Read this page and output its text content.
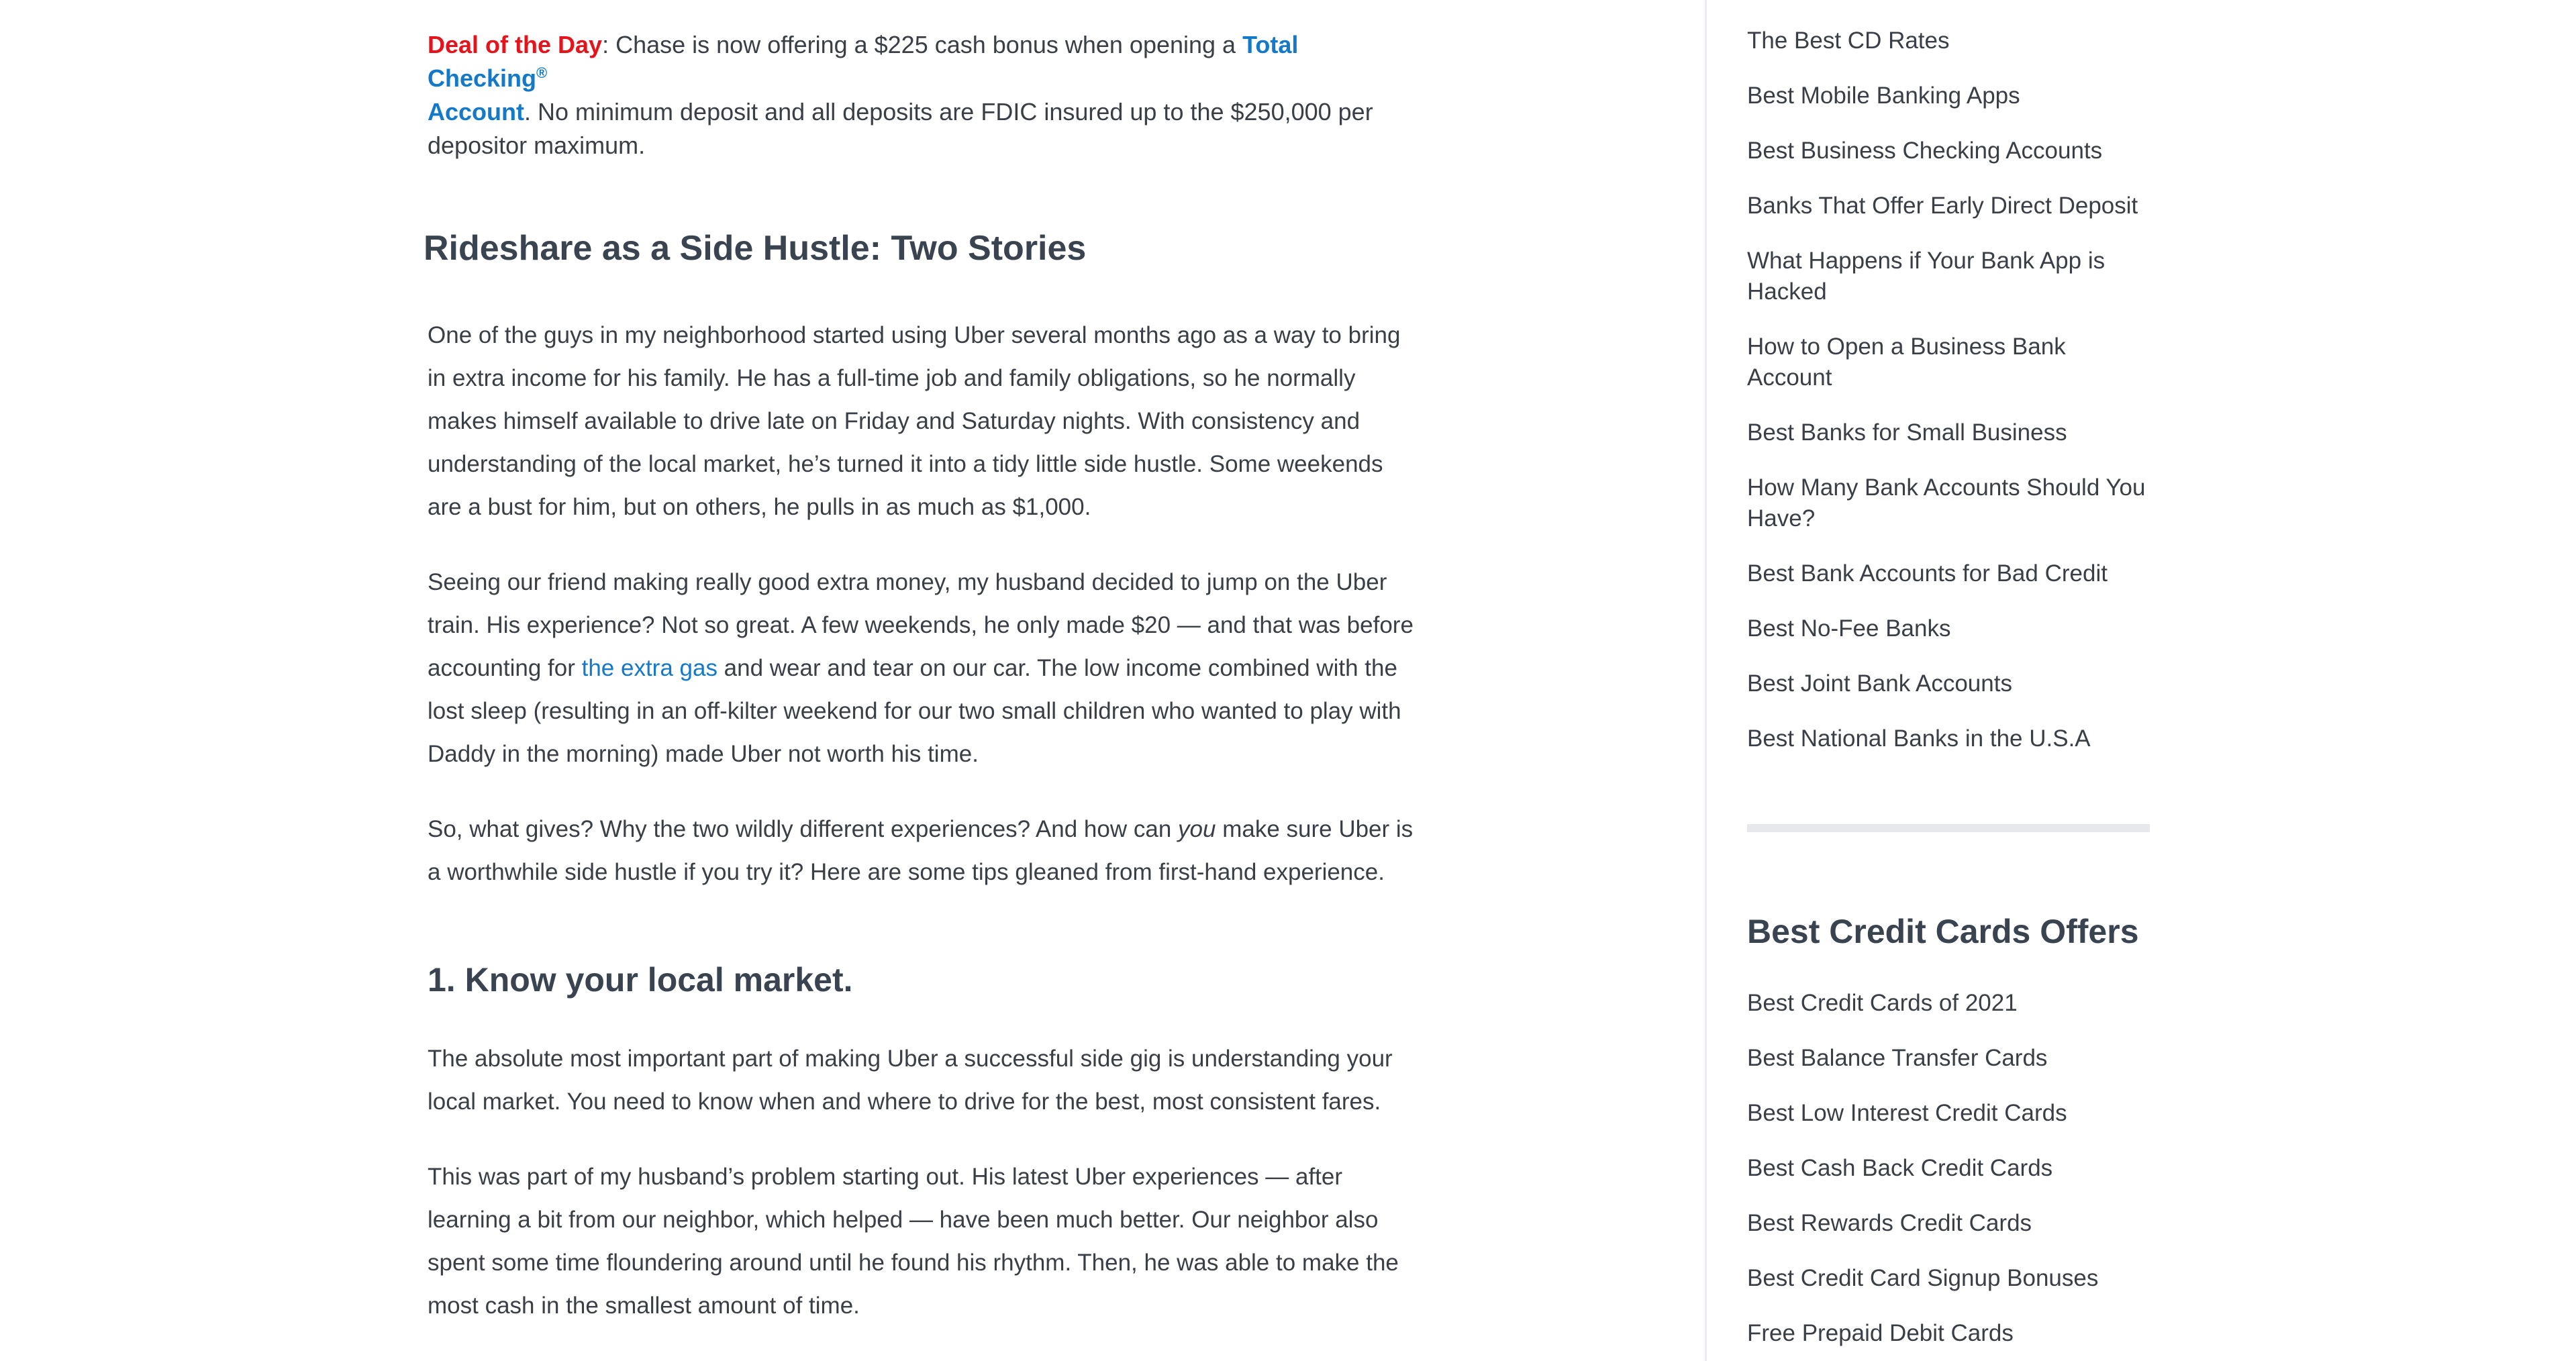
Deal of the Day: Chase is now offering a $225 cash bonus when opening a Total Checking®
Account. No minimum deposit and all deposits are FDIC insured up to the $250,000 per depositor maximum.
Rideshare as a Side Hustle: Two Stories

One of the guys in my neighborhood started using Uber several months ago as a way to bring in extra income for his family. He has a full-time job and family obligations, so he normally makes himself available to drive late on Friday and Saturday nights. With consistency and understanding of the local market, he’s turned it into a tidy little side hustle. Some weekends are a bust for him, but on others, he pulls in as much as $1,000.

Seeing our friend making really good extra money, my husband decided to jump on the Uber train. His experience? Not so great. A few weekends, he only made $20 — and that was before accounting for the extra gas and wear and tear on our car. The low income combined with the lost sleep (resulting in an off-kilter weekend for our two small children who wanted to play with Daddy in the morning) made Uber not worth his time.

So, what gives? Why the two wildly different experiences? And how can you make sure Uber is a worthwhile side hustle if you try it? Here are some tips gleaned from first-hand experience.

1. Know your local market.

The absolute most important part of making Uber a successful side gig is understanding your local market. You need to know when and where to drive for the best, most consistent fares.

This was part of my husband’s problem starting out. His latest Uber experiences — after learning a bit from our neighbor, which helped — have been much better. Our neighbor also spent some time floundering around until he found his rhythm. Then, he was able to make the most cash in the smallest amount of time.

The Best CD Rates
Best Mobile Banking Apps
Best Business Checking Accounts
Banks That Offer Early Direct Deposit
What Happens if Your Bank App is Hacked
How to Open a Business Bank Account
Best Banks for Small Business
How Many Bank Accounts Should You Have?
Best Bank Accounts for Bad Credit
Best No-Fee Banks
Best Joint Bank Accounts
Best National Banks in the U.S.A
Best Credit Cards Offers
Best Credit Cards of 2021
Best Balance Transfer Cards
Best Low Interest Credit Cards
Best Cash Back Credit Cards
Best Rewards Credit Cards
Best Credit Card Signup Bonuses
Free Prepaid Debit Cards
